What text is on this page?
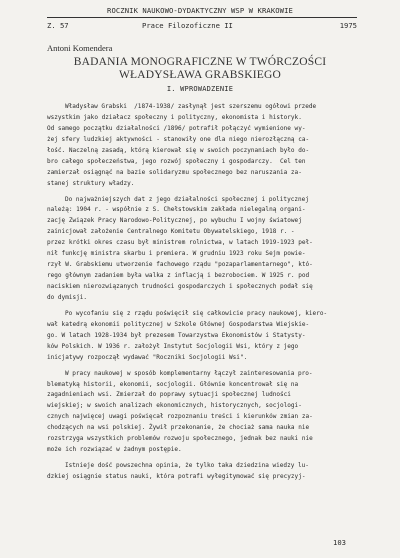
ROCZNIK NAUKOWO-DYDAKTYCZNY WSP W KRAKOWIE
Z. 57	Prace Filozoficzne II	1975
Antoni Komendera
BADANIA MONOGRAFICZNE W TWÓRCZOŚCI
WŁADYSŁAWA GRABSKIEGO
I. WPROWADZENIE
Władysław Grabski  /1874-1938/ zasłynął jest szerszemu ogółowi przede
wszystkim jako działacz społeczny i polityczny, ekonomista i historyk.
Od samego początku działalności /1896/ potrafił połączyć wymienione wy-
żej sfery ludzkiej aktywności - stanowiły one dla niego nierozłączną ca-
łość. Naczelną zasadą, którą kierował się w swoich poczynaniach było do-
bro całego społeczeństwa, jego rozwój społeczny i gospodarczy.  Cel ten
zamierzał osiągnąć na bazie solidaryzmu społecznego bez naruszania za-
stanej struktury władzy.
Do najważniejszych dat z jego działalności społecznej i politycznej
należą: 1904 r. - współnie z S. Chełstowskim zakłada nielegalną organi-
zację Związek Pracy Narodowo-Politycznej, po wybuchu I wojny światowej
zainicjował założenie Centralnego Komitetu Obywatelskiego, 1918 r. -
przez krótki okres czasu był ministrem rolnictwa, w latach 1919-1923 peł-
nił funkcję ministra skarbu i premiera. W grudniu 1923 roku Sejm powie-
rzył W. Grabskiemu utworzenie fachowego rządu "pozaparlamentarnego", któ-
rego głównym zadaniem była walka z inflacją i bezrobociem. W 1925 r. pod
naciskiem nierozwiązanych trudności gospodarczych i społecznych podał się
do dymisji.
Po wycofaniu się z rządu poświęcił się całkowicie pracy naukowej, kiero-
wał katedrą ekonomii politycznej w Szkole Głównej Gospodarstwa Wiejskie-
go. W latach 1928-1934 był prezesem Towarzystwa Ekonomistów i Statysty-
ków Polskich. W 1936 r. założył Instytut Socjologii Wsi, który z jego
inicjatywy rozpoczął wydawać "Roczniki Socjologii Wsi".
W pracy naukowej w sposób komplementarny łączył zainteresowania pro-
blematyką historii, ekonomii, socjologii. Głównie koncentrował się na
zagadnieniach wsi. Zmierzał do poprawy sytuacji społecznej ludności
wiejskiej; w swoich analizach ekonomicznych, historycznych, socjologi-
cznych najwięcej uwagi poświęcał rozpoznaniu treści i kierunków zmian za-
chodzących na wsi polskiej. Żywił przekonanie, że chociaż sama nauka nie
rozstrzyga wszystkich problemów rozwoju społecznego, jednak bez nauki nie
może ich rozwiązać w żadnym postępie.
Istnieje dość powszechna opinia, że tylko taka dziedzina wiedzy lu-
dzkiej osiągnie status nauki, która potrafi wyłegitymować się precyzyj-
103
